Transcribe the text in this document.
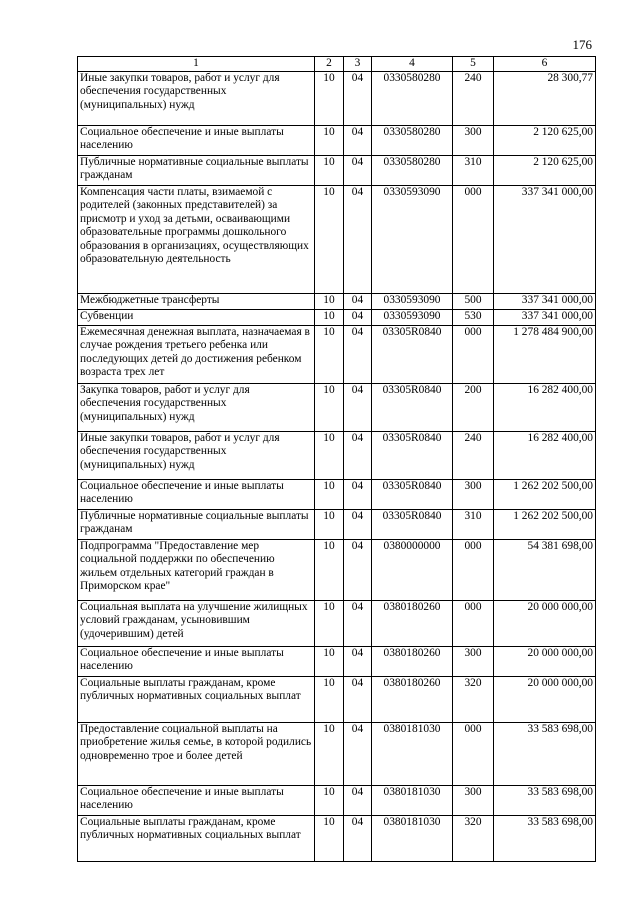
176
1	2	3	4	5	6
Иные закупки товаров, работ и услуг для обеспечения государственных (муниципальных) нужд	10	04	0330580280	240	28 300,77
Социальное обеспечение и иные выплаты населению	10	04	0330580280	300	2 120 625,00
Публичные нормативные социальные выплаты гражданам	10	04	0330580280	310	2 120 625,00
Компенсация части платы, взимаемой с родителей (законных представителей) за присмотр и уход за детьми, осваивающими образовательные программы дошкольного образования в организациях, осуществляющих образовательную деятельность	10	04	0330593090	000	337 341 000,00
Межбюджетные трансферты	10	04	0330593090	500	337 341 000,00
Субвенции	10	04	0330593090	530	337 341 000,00
Ежемесячная денежная выплата, назначаемая в случае рождения третьего ребенка или последующих детей до достижения ребенком возраста трех лет	10	04	03305R0840	000	1 278 484 900,00
Закупка товаров, работ и услуг для обеспечения государственных (муниципальных) нужд	10	04	03305R0840	200	16 282 400,00
Иные закупки товаров, работ и услуг для обеспечения государственных (муниципальных) нужд	10	04	03305R0840	240	16 282 400,00
Социальное обеспечение и иные выплаты населению	10	04	03305R0840	300	1 262 202 500,00
Публичные нормативные социальные выплаты гражданам	10	04	03305R0840	310	1 262 202 500,00
Подпрограмма "Предоставление мер социальной поддержки по обеспечению жильем отдельных категорий граждан в Приморском крае"	10	04	0380000000	000	54 381 698,00
Социальная выплата на улучшение жилищных условий гражданам, усыновившим (удочерившим) детей	10	04	0380180260	000	20 000 000,00
Социальное обеспечение и иные выплаты населению	10	04	0380180260	300	20 000 000,00
Социальные выплаты гражданам, кроме публичных нормативных социальных выплат	10	04	0380180260	320	20 000 000,00
Предоставление социальной выплаты на приобретение жилья семье, в которой родились одновременно трое и более детей	10	04	0380181030	000	33 583 698,00
Социальное обеспечение и иные выплаты населению	10	04	0380181030	300	33 583 698,00
Социальные выплаты гражданам, кроме публичных нормативных социальных выплат	10	04	0380181030	320	33 583 698,00
